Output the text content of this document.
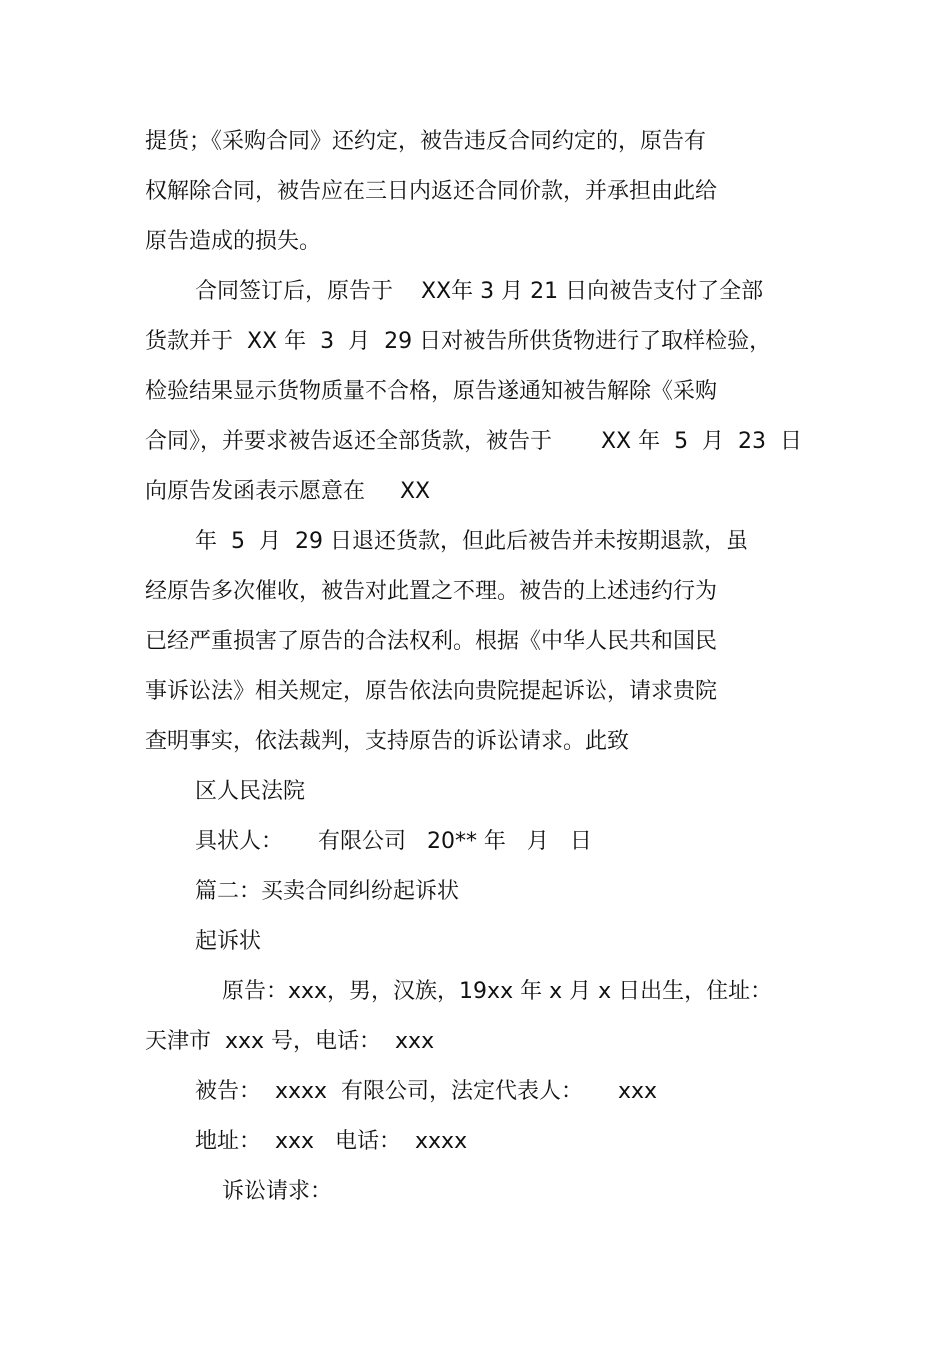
提货；《采购合同》还约定，被告违反合同约定的，原告有
权解除合同，被告应在三日内返还合同价款，并承担由此给
原告造成的损失。
合同签订后，原告于    XX年 3 月 21 日向被告支付了全部
货款并于  XX 年  3  月  29 日对被告所供货物进行了取样检验，
检验结果显示货物质量不合格，原告遂通知被告解除《采购
合同》，并要求被告返还全部货款，被告于       XX 年  5  月  23  日
向原告发函表示愿意在     XX
年  5  月  29 日退还货款，但此后被告并未按期退款，虽
经原告多次催收，被告对此置之不理。被告的上述违约行为
已经严重损害了原告的合法权利。根据《中华人民共和国民
事诉讼法》相关规定，原告依法向贵院提起诉讼，请求贵院
查明事实，依法裁判，支持原告的诉讼请求。此致
区人民法院
具状人：     有限公司   20** 年   月   日
篇二：买卖合同纠纷起诉状
起诉状
原告：xxx，男，汉族，19xx 年 x 月 x 日出生，住址：
天津市  xxx 号，电话：  xxx
被告：  xxxx  有限公司，法定代表人：     xxx
地址：  xxx   电话：  xxxx
诉讼请求：
